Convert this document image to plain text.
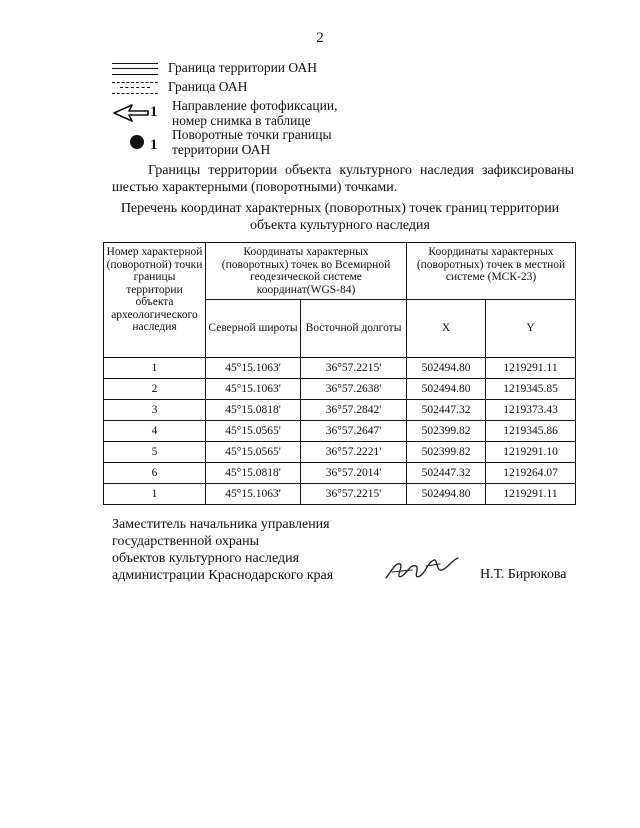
2
Граница территории ОАН
Граница ОАН
1 Направление фотофиксации,
номер снимка в таблице
1
Поворотные точки границы
территории ОАН
Границы территории объекта культурного наследия зафиксированы шестью характерными (поворотными) точками.
Перечень координат характерных (поворотных) точек границ территории
объекта культурного наследия
Номер характерной (поворотной) точки границы территории объекта археологического наследия	Координаты характерных (поворотных) точек во Всемирной геодезической системе координат(WGS-84)		Координаты характерных (поворотных) точек в местной системе (МСК-23)	
	Северной широты	Восточной долготы	X	Y
1	45°15.1063'	36°57.2215'	502494.80	1219291.11
2	45°15.1063'	36°57.2638'	502494.80	1219345.85
3	45°15.0818'	36°57.2842'	502447.32	1219373.43
4	45°15.0565'	36°57.2647'	502399.82	1219345.86
5	45°15.0565'	36°57.2221'	502399.82	1219291.10
6	45°15.0818'	36°57.2014'	502447.32	1219264.07
1	45°15.1063'	36°57.2215'	502494.80	1219291.11
Заместитель начальника управления
государственной охраны
объектов культурного наследия
администрации Краснодарского края	Н.Т. Бирюкова
